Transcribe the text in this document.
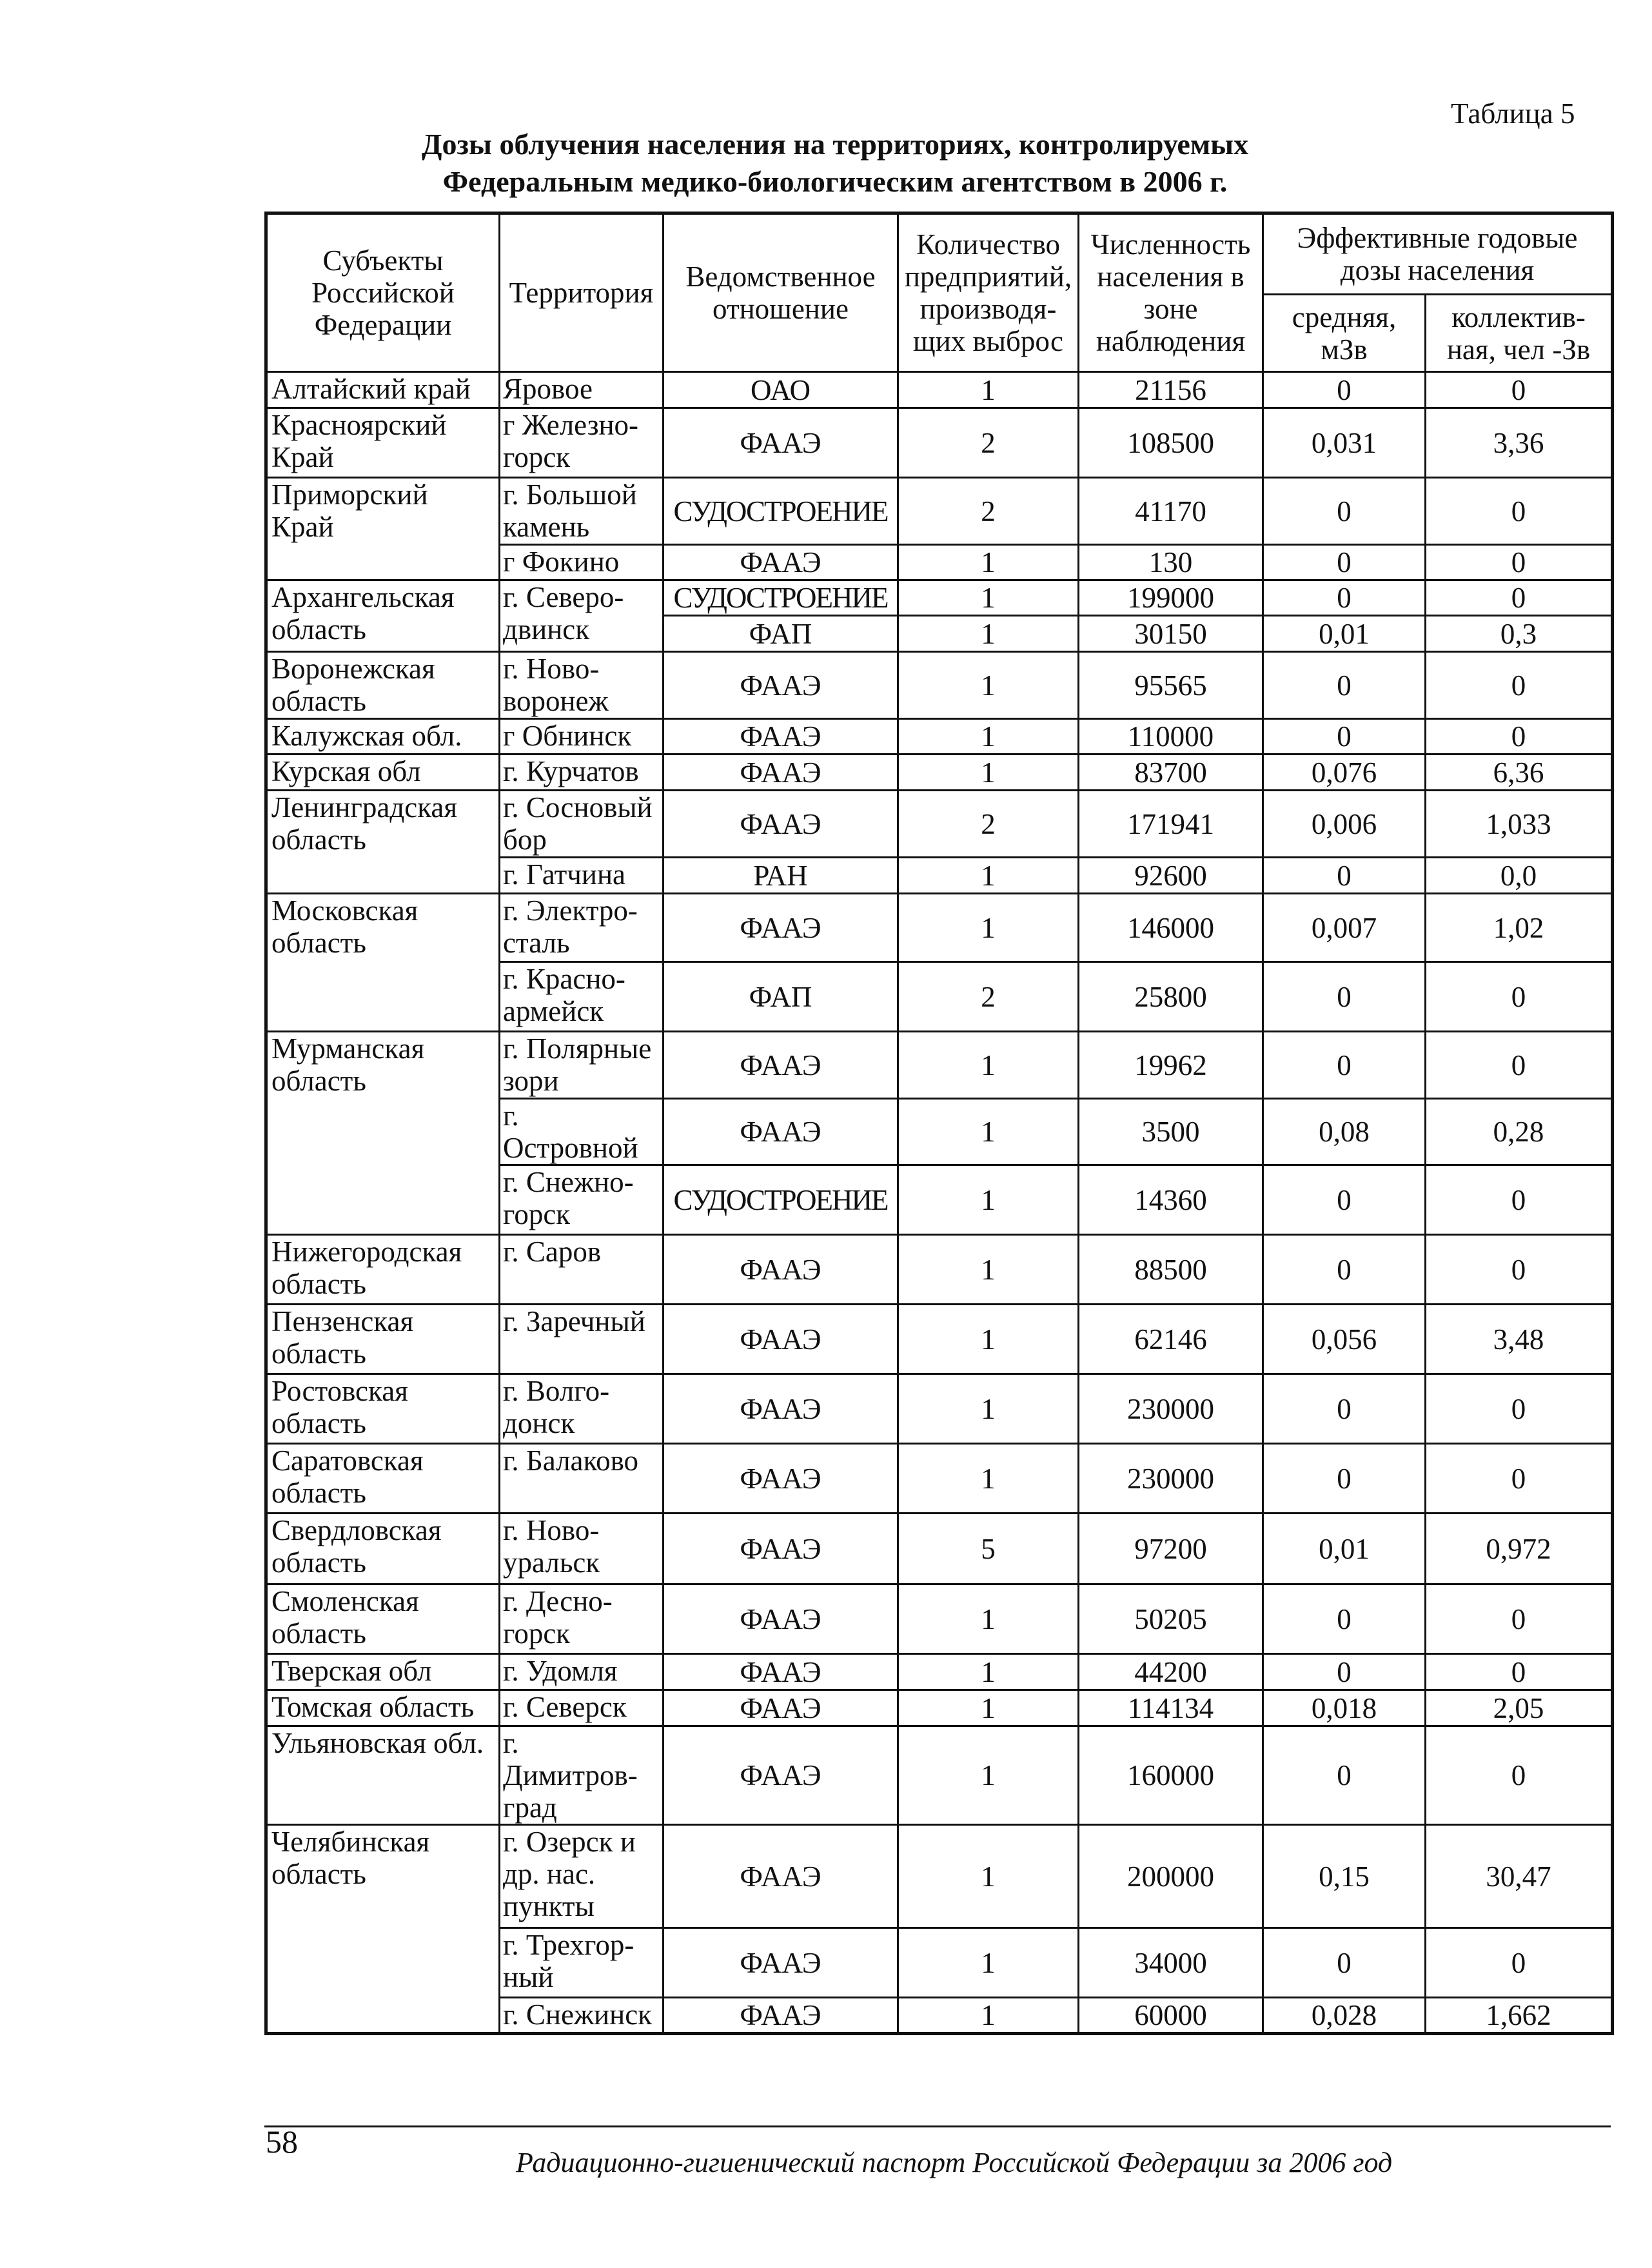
Таблица 5
Дозы облучения населения на территориях, контролируемых
Федеральным медико-биологическим агентством в 2006 г.
Субъекты Российской Федерации	Территория	Ведомственное отношение	Количество предприятий, производя-щих выброс	Численность населения в зоне наблюдения	Эффективные годовые дозы населения	
					средняя, мЗв	коллектив-ная, чел -Зв
Алтайский край	Яровое	ОАО	1	21156	0	0
Красноярский Край	г Железно-горск	ФААЭ	2	108500	0,031	3,36
Приморский Край	г. Большой камень	СУДОСТРОЕНИЕ	2	41170	0	0
	г Фокино	ФААЭ	1	130	0	0
Архангельская область	г. Северо-двинск	СУДОСТРОЕНИЕ	1	199000	0	0
		ФАП	1	30150	0,01	0,3
Воронежская область	г. Ново-воронеж	ФААЭ	1	95565	0	0
Калужская обл.	г Обнинск	ФААЭ	1	110000	0	0
Курская обл	г. Курчатов	ФААЭ	1	83700	0,076	6,36
Ленинградская область	г. Сосновый бор	ФААЭ	2	171941	0,006	1,033
	г. Гатчина	РАН	1	92600	0	0,0
Московская область	г. Электро-сталь	ФААЭ	1	146000	0,007	1,02
	г. Красно-армейск	ФАП	2	25800	0	0
Мурманская область	г. Полярные зори	ФААЭ	1	19962	0	0
	г. Островной	ФААЭ	1	3500	0,08	0,28
	г. Снежно-горск	СУДОСТРОЕНИЕ	1	14360	0	0
Нижегородская область	г. Саров	ФААЭ	1	88500	0	0
Пензенская область	г. Заречный	ФААЭ	1	62146	0,056	3,48
Ростовская область	г. Волго-донск	ФААЭ	1	230000	0	0
Саратовская область	г. Балаково	ФААЭ	1	230000	0	0
Свердловская область	г. Ново-уральск	ФААЭ	5	97200	0,01	0,972
Смоленская область	г. Десно-горск	ФААЭ	1	50205	0	0
Тверская обл	г. Удомля	ФААЭ	1	44200	0	0
Томская область	г. Северск	ФААЭ	1	114134	0,018	2,05
Ульяновская обл.	г. Димитров-град	ФААЭ	1	160000	0	0
Челябинская область	г. Озерск и др. нас. пункты	ФААЭ	1	200000	0,15	30,47
	г. Трехгор-ный	ФААЭ	1	34000	0	0
	г. Снежинск	ФААЭ	1	60000	0,028	1,662
58
Радиационно-гигиенический паспорт Российской Федерации за 2006 год
